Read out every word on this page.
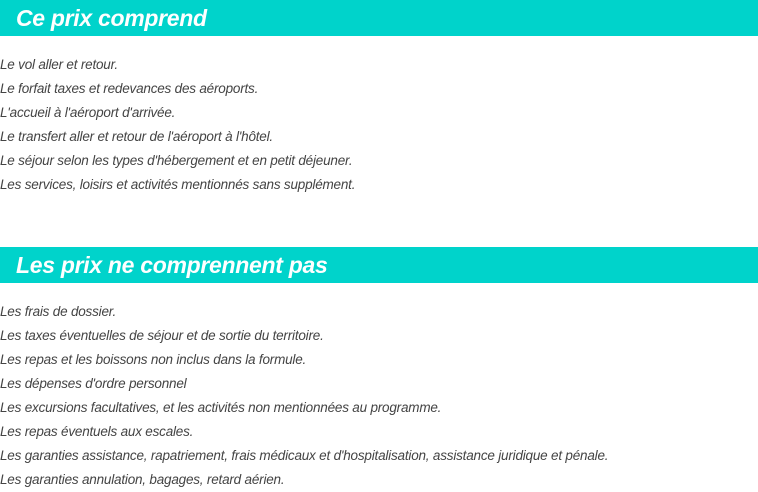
Ce prix comprend
Le vol aller et retour.
Le forfait taxes et redevances des aéroports.
L'accueil à l'aéroport d'arrivée.
Le transfert aller et retour de l'aéroport à l'hôtel.
Le séjour selon les types d'hébergement et en petit déjeuner.
Les services, loisirs et activités mentionnés sans supplément.
Les prix ne comprennent pas
Les frais de dossier.
Les taxes éventuelles de séjour et de sortie du territoire.
Les repas et les boissons non inclus dans la formule.
Les dépenses d'ordre personnel
Les excursions facultatives, et les activités non mentionnées au programme.
Les repas éventuels aux escales.
Les garanties assistance, rapatriement, frais médicaux et d'hospitalisation, assistance juridique et pénale.
Les garanties annulation, bagages, retard aérien.
